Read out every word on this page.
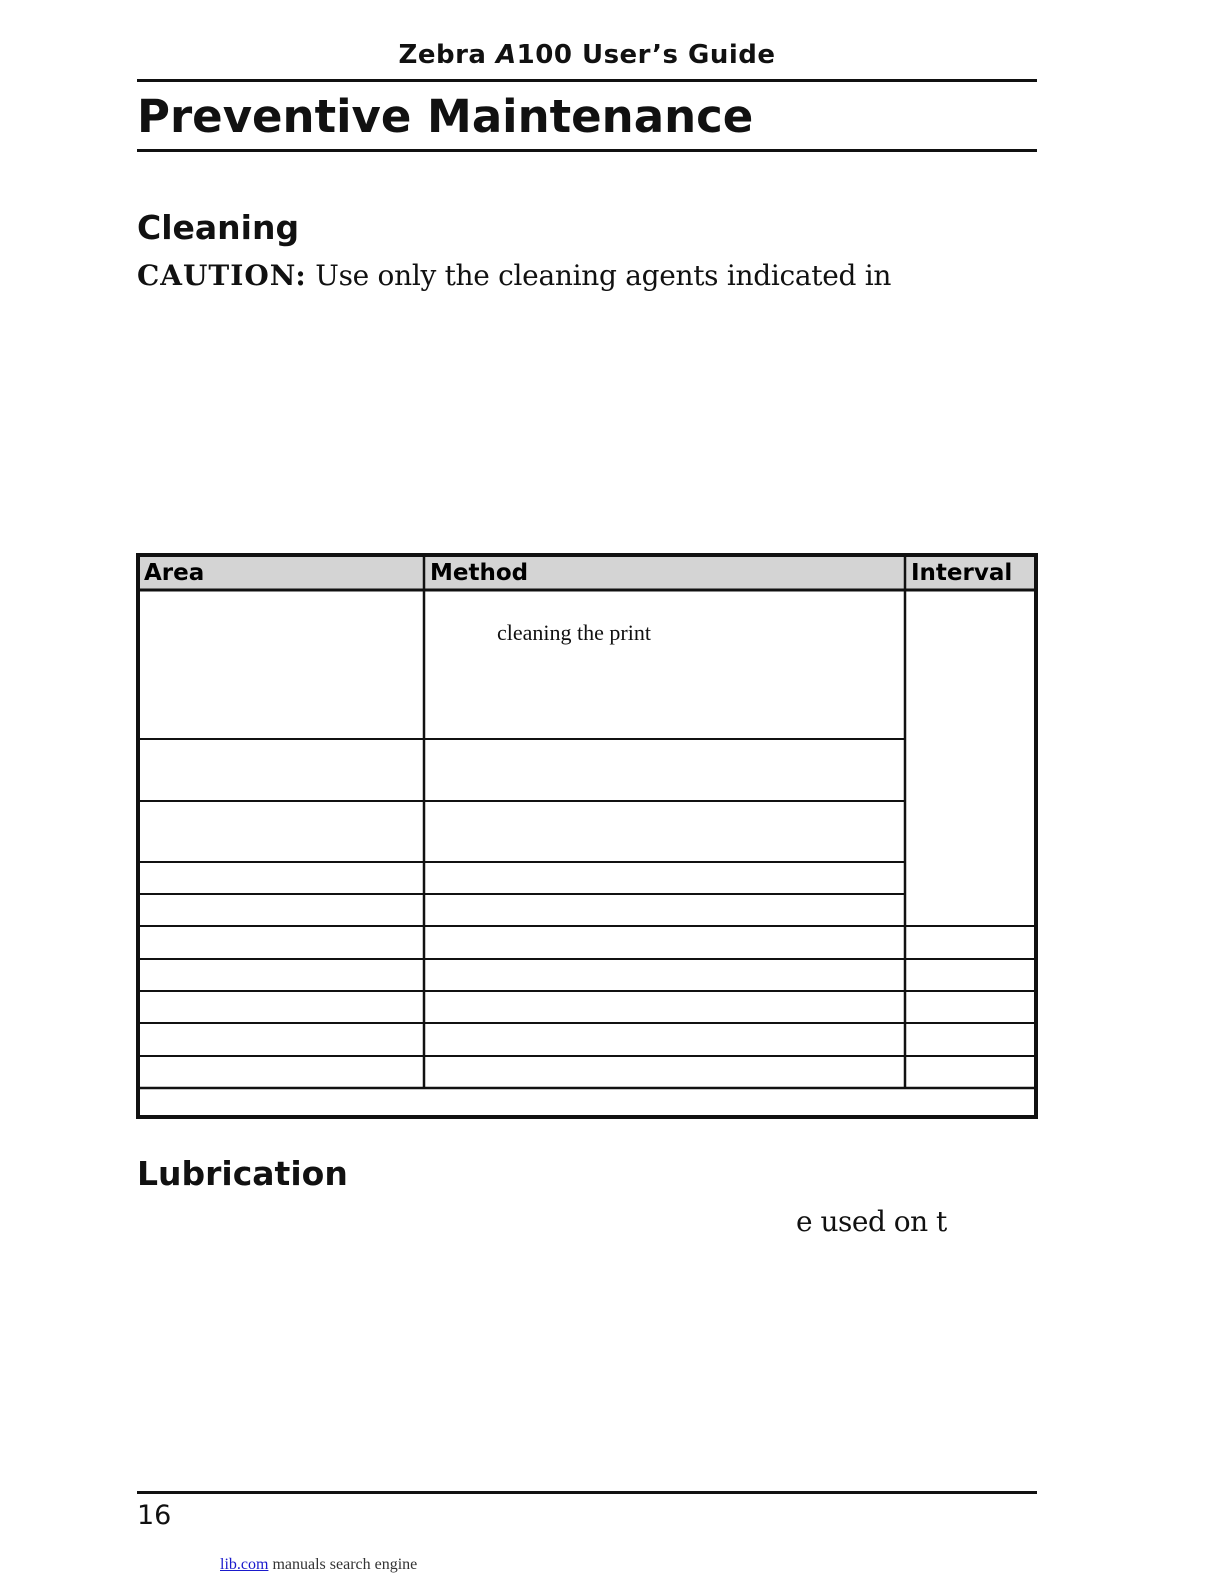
Zebra A100 User’s Guide
Preventive Maintenance
Cleaning
CAUTION: Use only the cleaning agents indicated in
Area	Method	Interval
cleaning the print
Lubrication
e used on t
16
lib.com manuals search engine
